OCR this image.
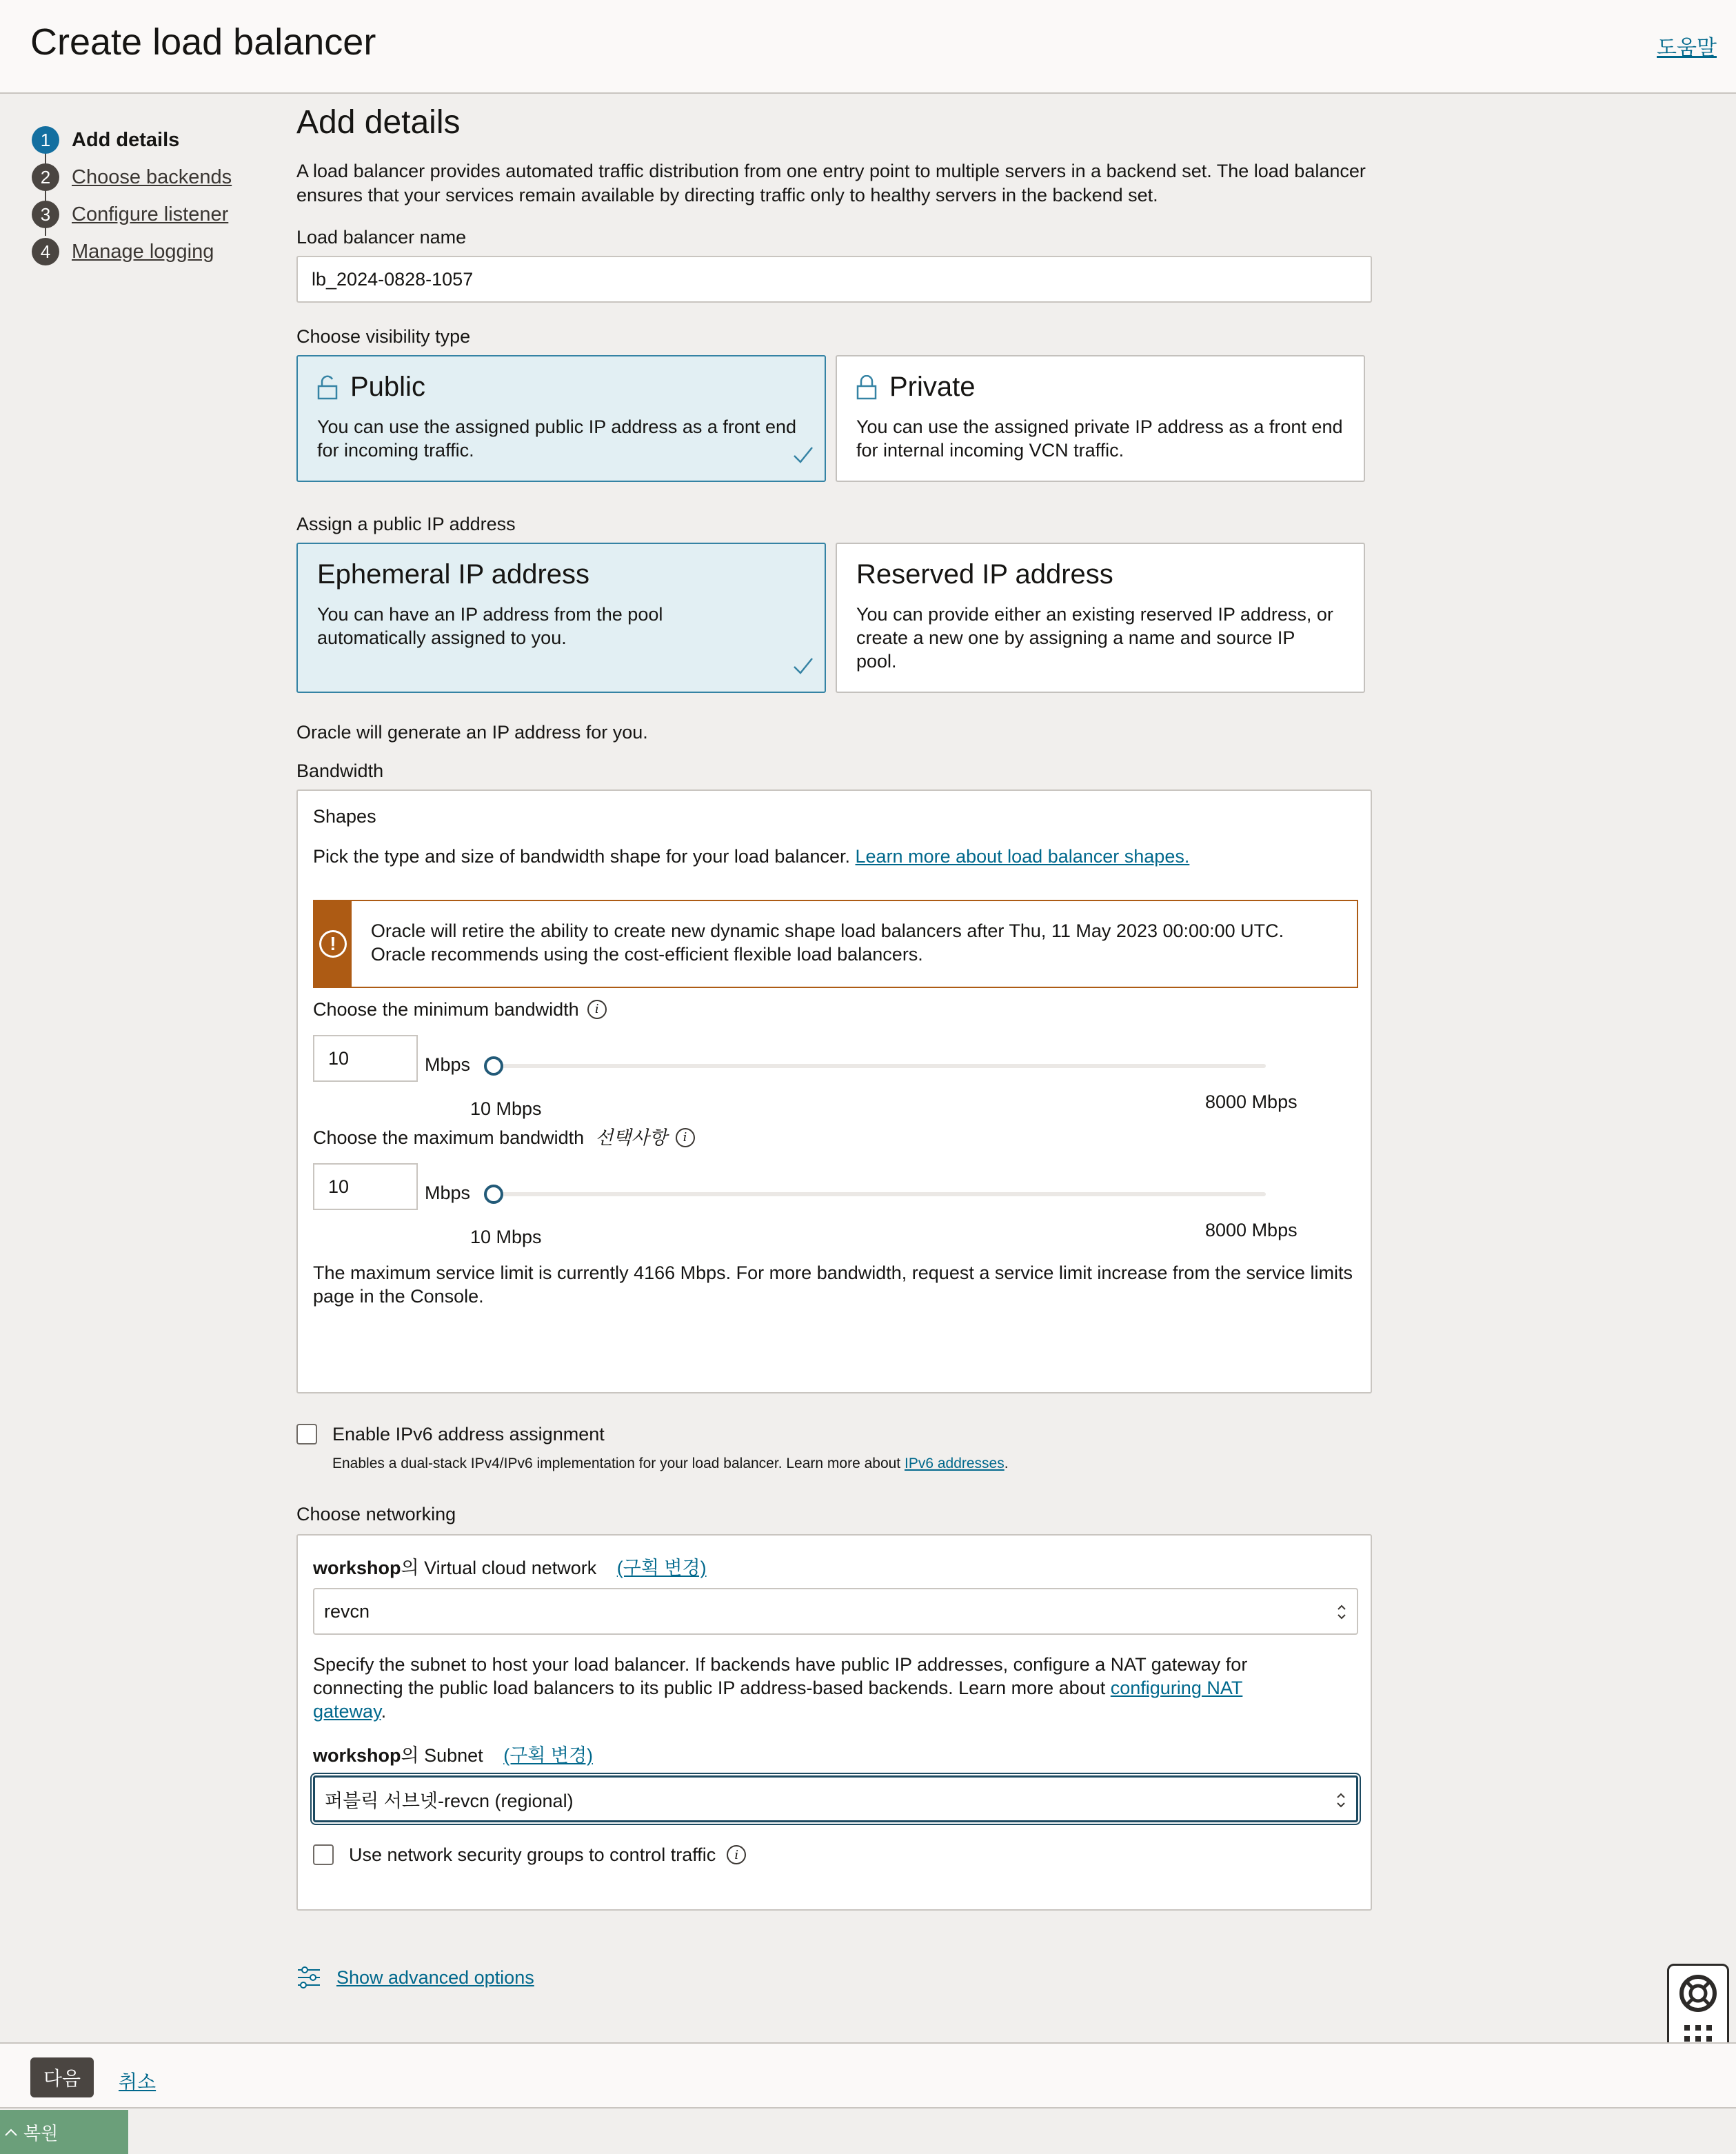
Create load balancer	도움말
1	Add details
2	Choose backends
3	Configure listener
4	Manage logging
Add details
A load balancer provides automated traffic distribution from one entry point to multiple servers in a backend set. The load balancer ensures that your services remain available by directing traffic only to healthy servers in the backend set.
Load balancer name
lb_2024-0828-1057
Choose visibility type
Public
You can use the assigned public IP address as a front end for incoming traffic.
Private
You can use the assigned private IP address as a front end for internal incoming VCN traffic.
Assign a public IP address
Ephemeral IP address
You can have an IP address from the pool automatically assigned to you.
Reserved IP address
You can provide either an existing reserved IP address, or create a new one by assigning a name and source IP pool.
Oracle will generate an IP address for you.
Bandwidth
Shapes
Pick the type and size of bandwidth shape for your load balancer. Learn more about load balancer shapes.
!
Oracle will retire the ability to create new dynamic shape load balancers after Thu, 11 May 2023 00:00:00 UTC. Oracle recommends using the cost-efficient flexible load balancers.
Choose the minimum bandwidth	i
10	Mbps
10 Mbps	8000 Mbps
Choose the maximum bandwidth 선택사항	i
10	Mbps
10 Mbps	8000 Mbps
The maximum service limit is currently 4166 Mbps. For more bandwidth, request a service limit increase from the service limits page in the Console.
Enable IPv6 address assignment
Enables a dual-stack IPv4/IPv6 implementation for your load balancer. Learn more about IPv6 addresses.
Choose networking
workshop의 Virtual cloud network (구획 변경)
revcn
Specify the subnet to host your load balancer. If backends have public IP addresses, configure a NAT gateway for connecting the public load balancers to its public IP address-based backends. Learn more about configuring NAT gateway.
workshop의 Subnet (구획 변경)
퍼블릭 서브넷-revcn (regional)
Use network security groups to control traffic	i
Show advanced options
다음	취소
복원
